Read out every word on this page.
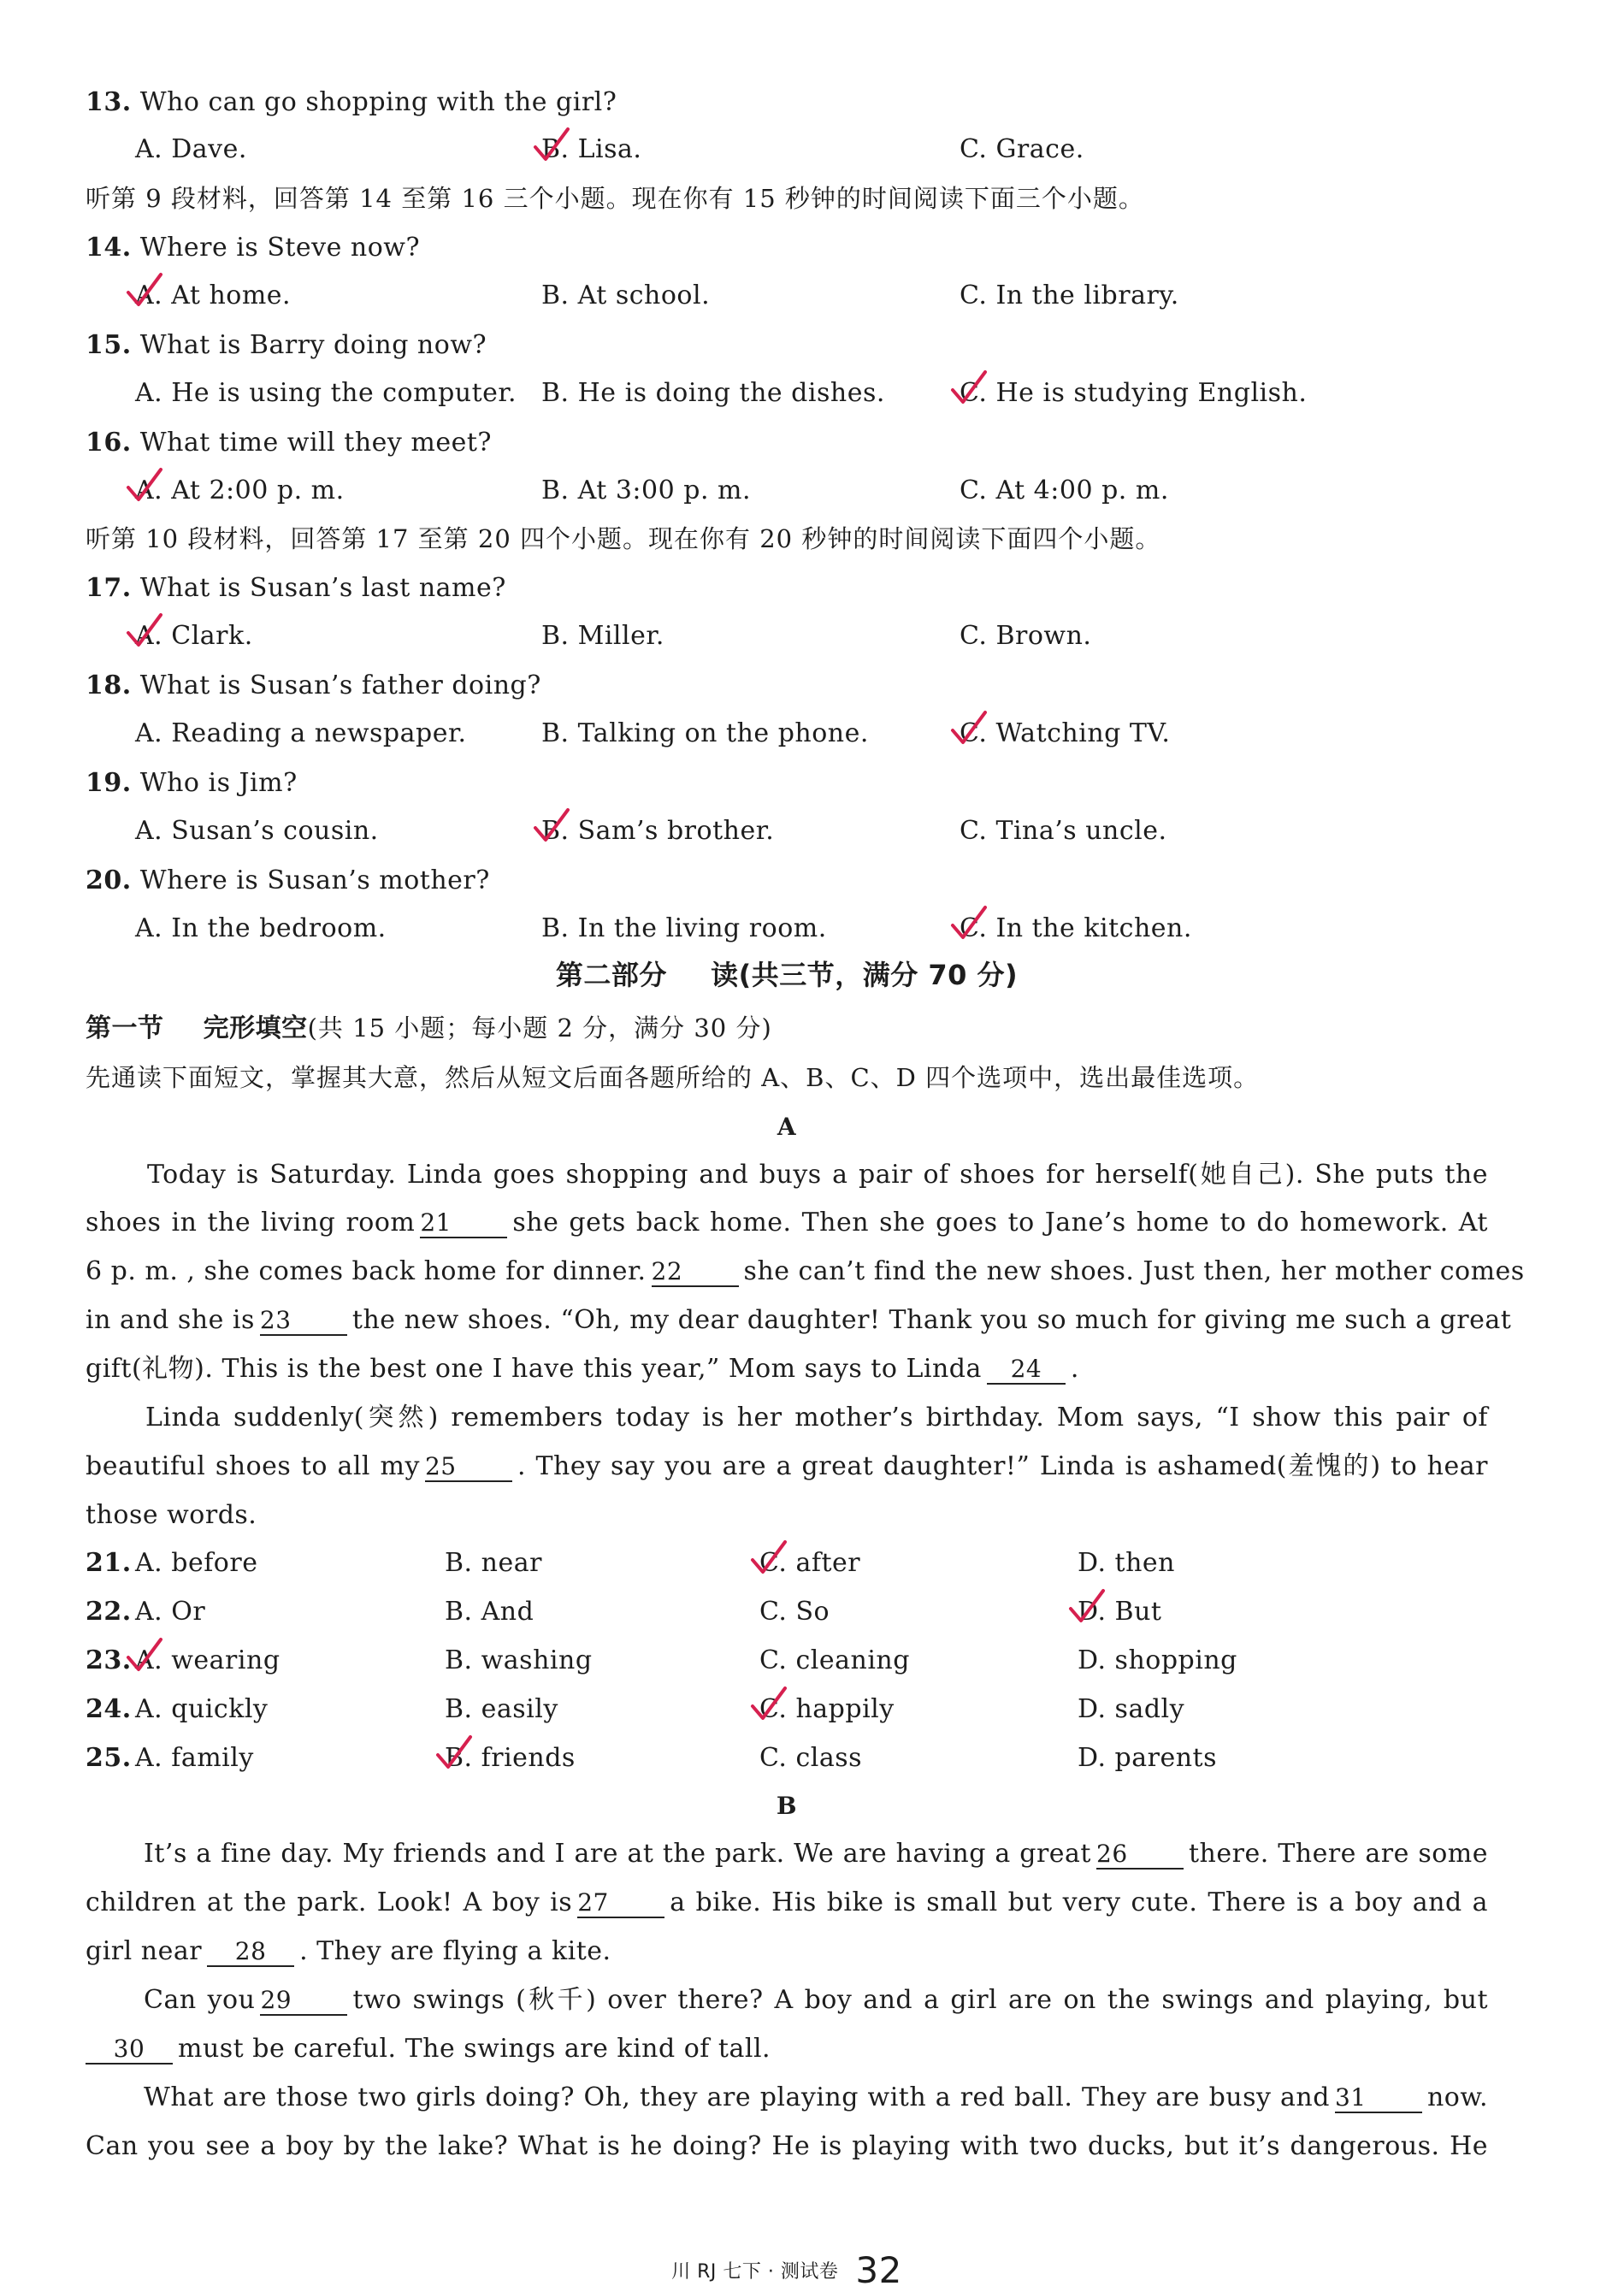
13. Who can go shopping with the girl?
A. Dave.	B. Lisa.	C. Grace.
听第 9 段材料，回答第 14 至第 16 三个小题。现在你有 15 秒钟的时间阅读下面三个小题。
14. Where is Steve now?
A. At home.	B. At school.	C. In the library.
15. What is Barry doing now?
A. He is using the computer. B. He is doing the dishes.	C. He is studying English.
16. What time will they meet?
A. At 2:00 p. m.	B. At 3:00 p. m.	C. At 4:00 p. m.
听第 10 段材料，回答第 17 至第 20 四个小题。现在你有 20 秒钟的时间阅读下面四个小题。
17. What is Susan’s last name?
A. Clark.	B. Miller.	C. Brown.
18. What is Susan’s father doing?
A. Reading a newspaper.	B. Talking on the phone.	C. Watching TV.
19. Who is Jim?
A. Susan’s cousin.	B. Sam’s brother.	C. Tina’s uncle.
20. Where is Susan’s mother?
A. In the bedroom.	B. In the living room.	C. In the kitchen.
第二部分 读(共三节，满分 70 分)
第一节 完形填空(共 15 小题；每小题 2 分，满分 30 分)
先通读下面短文，掌握其大意，然后从短文后面各题所给的 A、B、C、D 四个选项中，选出最佳选项。
A
Today is Saturday. Linda goes shopping and buys a pair of shoes for herself(她自己). She puts the
shoes in the living room 21 she gets back home. Then she goes to Jane’s home to do homework. At
6 p. m. , she comes back home for dinner. 22 she can’t find the new shoes. Just then, her mother comes
in and she is 23 the new shoes. “Oh, my dear daughter! Thank you so much for giving me such a great
gift(礼物). This is the best one I have this year,” Mom says to Linda 24 .
Linda suddenly(突然) remembers today is her mother’s birthday. Mom says, “I show this pair of
beautiful shoes to all my 25 . They say you are a great daughter!” Linda is ashamed(羞愧的) to hear
those words.
21. A. before	B. near	C. after	D. then
22. A. Or	B. And	C. So	D. But
23. A. wearing	B. washing	C. cleaning	D. shopping
24. A. quickly	B. easily	C. happily	D. sadly
25. A. family	B. friends	C. class	D. parents
B
It’s a fine day. My friends and I are at the park. We are having a great 26 there. There are some
children at the park. Look! A boy is 27 a bike. His bike is small but very cute. There is a boy and a
girl near 28 . They are flying a kite.
Can you 29 two swings (秋千) over there? A boy and a girl are on the swings and playing, but
30 must be careful. The swings are kind of tall.
What are those two girls doing? Oh, they are playing with a red ball. They are busy and 31 now.
Can you see a boy by the lake? What is he doing? He is playing with two ducks, but it’s dangerous. He
川 RJ 七下 · 测试卷 32
